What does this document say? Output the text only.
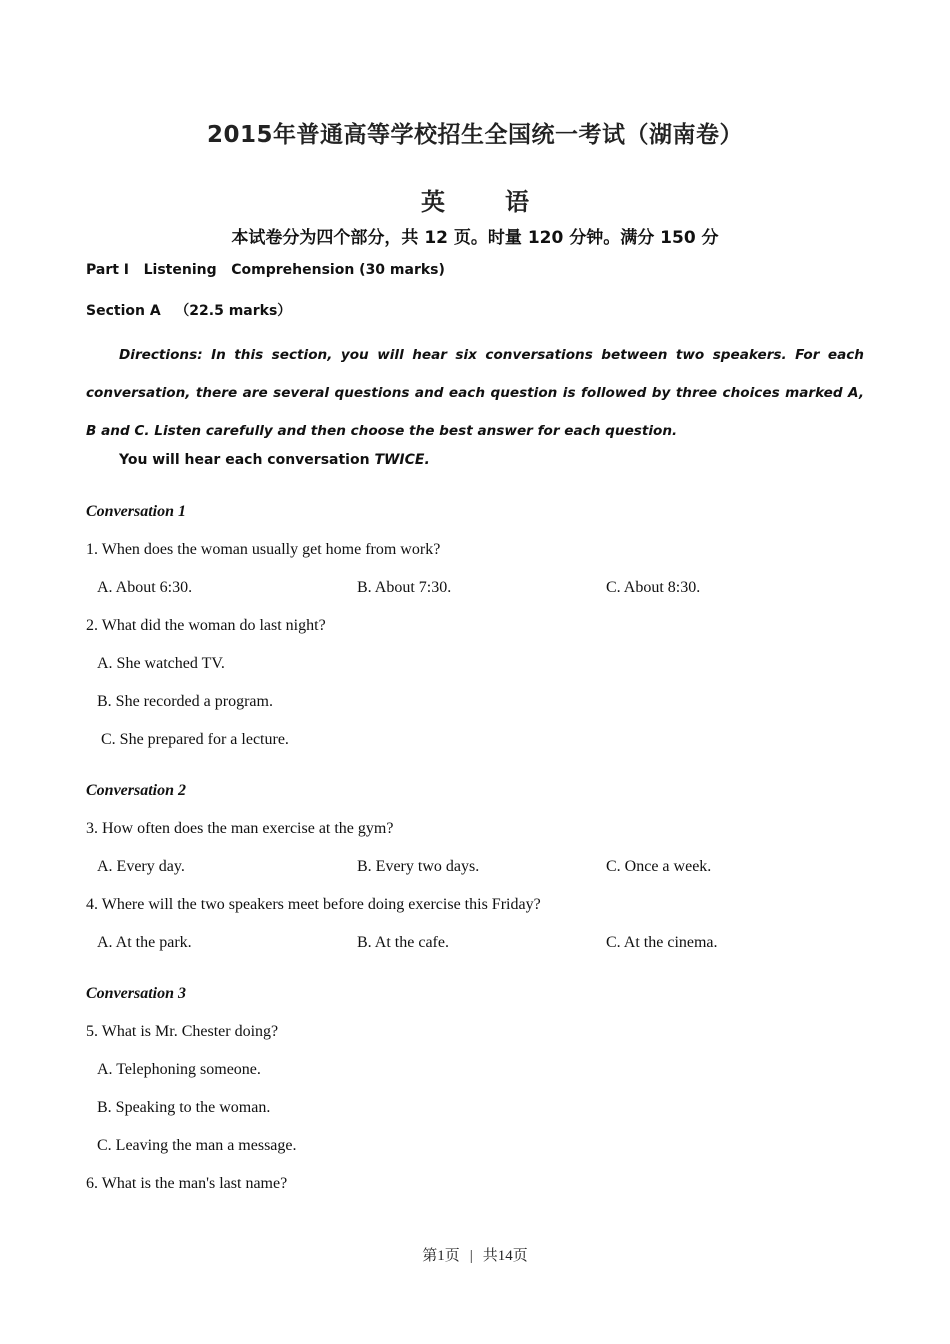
2015年普通高等学校招生全国统一考试（湖南卷）
英	语
本试卷分为四个部分，共 12 页。时量 120 分钟。满分 150 分
Part Ⅰ   Listening   Comprehension (30 marks)
Section A   （22.5 marks）
Directions: In this section, you will hear six conversations between two speakers. For each conversation, there are several questions and each question is followed by three choices marked A, B and C. Listen carefully and then choose the best answer for each question.
You will hear each conversation TWICE.
Conversation 1
1. When does the woman usually get home from work?
A. About 6:30.	B. About 7:30.	C. About 8:30.
2. What did the woman do last night?
A. She watched TV.
B. She recorded a program.
C. She prepared for a lecture.
Conversation 2
3. How often does the man exercise at the gym?
A. Every day.	B. Every two days.	C. Once a week.
4. Where will the two speakers meet before doing exercise this Friday?
A. At the park.	B. At the cafe.	C. At the cinema.
Conversation 3
5. What is Mr. Chester doing?
A. Telephoning someone.
B. Speaking to the woman.
C. Leaving the man a message.
6. What is the man's last name?
第1页 | 共14页
